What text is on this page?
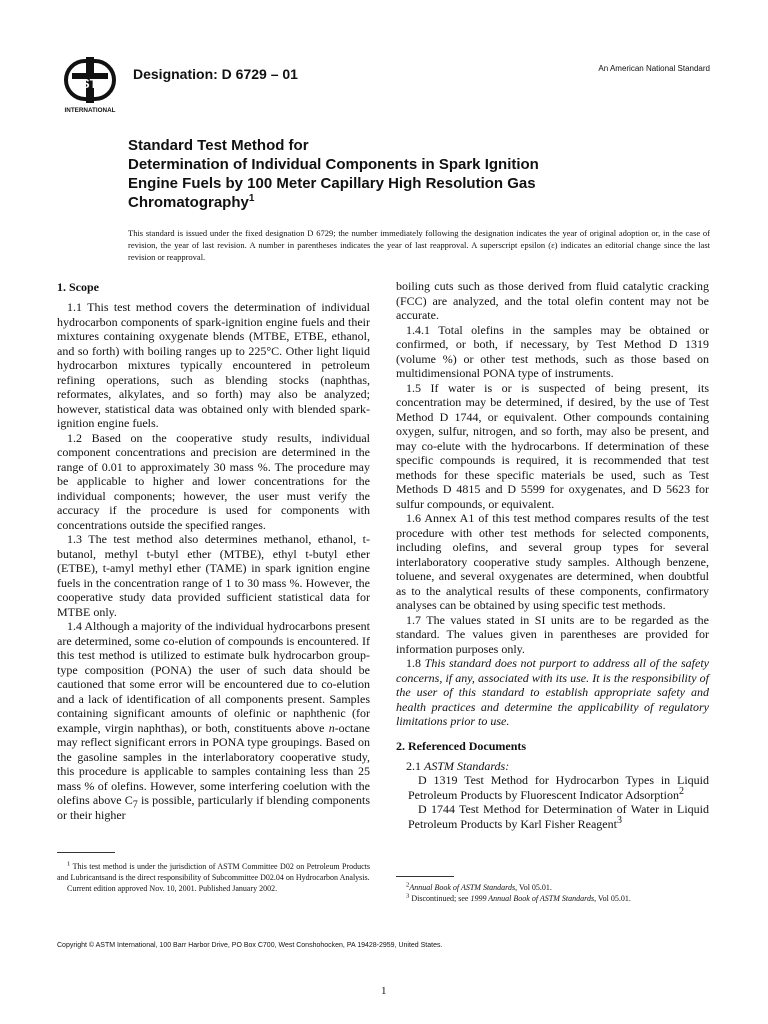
ASTM
INTERNATIONAL
Designation: D 6729 – 01	An American National Standard
Standard Test Method for
Determination of Individual Components in Spark Ignition
Engine Fuels by 100 Meter Capillary High Resolution Gas
Chromatography$^1$
This standard is issued under the fixed designation D 6729; the number immediately following the designation indicates the year of original adoption or, in the case of revision, the year of last revision. A number in parentheses indicates the year of last reapproval. A superscript epsilon (ε) indicates an editorial change since the last revision or reapproval.
1. Scope

1.1 This test method covers the determination of individual hydrocarbon components of spark-ignition engine fuels and their mixtures containing oxygenate blends (MTBE, ETBE, ethanol, and so forth) with boiling ranges up to 225°C. Other light liquid hydrocarbon mixtures typically encountered in petroleum refining operations, such as blending stocks (naphthas, reformates, alkylates, and so forth) may also be analyzed; however, statistical data was obtained only with blended spark-ignition engine fuels.

1.2 Based on the cooperative study results, individual component concentrations and precision are determined in the range of 0.01 to approximately 30 mass %. The procedure may be applicable to higher and lower concentrations for the individual components; however, the user must verify the accuracy if the procedure is used for components with concentrations outside the specified ranges.

1.3 The test method also determines methanol, ethanol, t-butanol, methyl t-butyl ether (MTBE), ethyl t-butyl ether (ETBE), t-amyl methyl ether (TAME) in spark ignition engine fuels in the concentration range of 1 to 30 mass %. However, the cooperative study data provided sufficient statistical data for MTBE only.

1.4 Although a majority of the individual hydrocarbons present are determined, some co-elution of compounds is encountered. If this test method is utilized to estimate bulk hydrocarbon group-type composition (PONA) the user of such data should be cautioned that some error will be encountered due to co-elution and a lack of identification of all components present. Samples containing significant amounts of olefinic or naphthenic (for example, virgin naphthas), or both, constituents above n-octane may reflect significant errors in PONA type groupings. Based on the gasoline samples in the interlaboratory cooperative study, this procedure is applicable to samples containing less than 25 mass % of olefins. However, some interfering coelution with the olefins above $C_7$ is possible, particularly if blending components or their higher

$^1$ This test method is under the jurisdiction of ASTM Committee D02 on Petroleum Products and Lubricantsand is the direct responsibility of Subcommittee D02.04 on Hydrocarbon Analysis.

Current edition approved Nov. 10, 2001. Published January 2002.

boiling cuts such as those derived from fluid catalytic cracking (FCC) are analyzed, and the total olefin content may not be accurate.

1.4.1 Total olefins in the samples may be obtained or confirmed, or both, if necessary, by Test Method D 1319 (volume %) or other test methods, such as those based on multidimensional PONA type of instruments.

1.5 If water is or is suspected of being present, its concentration may be determined, if desired, by the use of Test Method D 1744, or equivalent. Other compounds containing oxygen, sulfur, nitrogen, and so forth, may also be present, and may co-elute with the hydrocarbons. If determination of these specific compounds is required, it is recommended that test methods for these specific materials be used, such as Test Methods D 4815 and D 5599 for oxygenates, and D 5623 for sulfur compounds, or equivalent.

1.6 Annex A1 of this test method compares results of the test procedure with other test methods for selected components, including olefins, and several group types for several interlaboratory cooperative study samples. Although benzene, toluene, and several oxygenates are determined, when doubtful as to the analytical results of these components, confirmatory analyses can be obtained by using specific test methods.

1.7 The values stated in SI units are to be regarded as the standard. The values given in parentheses are provided for information purposes only.

1.8 This standard does not purport to address all of the safety concerns, if any, associated with its use. It is the responsibility of the user of this standard to establish appropriate safety and health practices and determine the applicability of regulatory limitations prior to use.

2. Referenced Documents

2.1 ASTM Standards:

D 1319 Test Method for Hydrocarbon Types in Liquid Petroleum Products by Fluorescent Indicator Adsorption$^2$

D 1744 Test Method for Determination of Water in Liquid Petroleum Products by Karl Fisher Reagent$^3$

$^2$Annual Book of ASTM Standards, Vol 05.01.

$^3$ Discontinued; see 1999 Annual Book of ASTM Standards, Vol 05.01.

Copyright © ASTM International, 100 Barr Harbor Drive, PO Box C700, West Conshohocken, PA 19428-2959, United States.
1
